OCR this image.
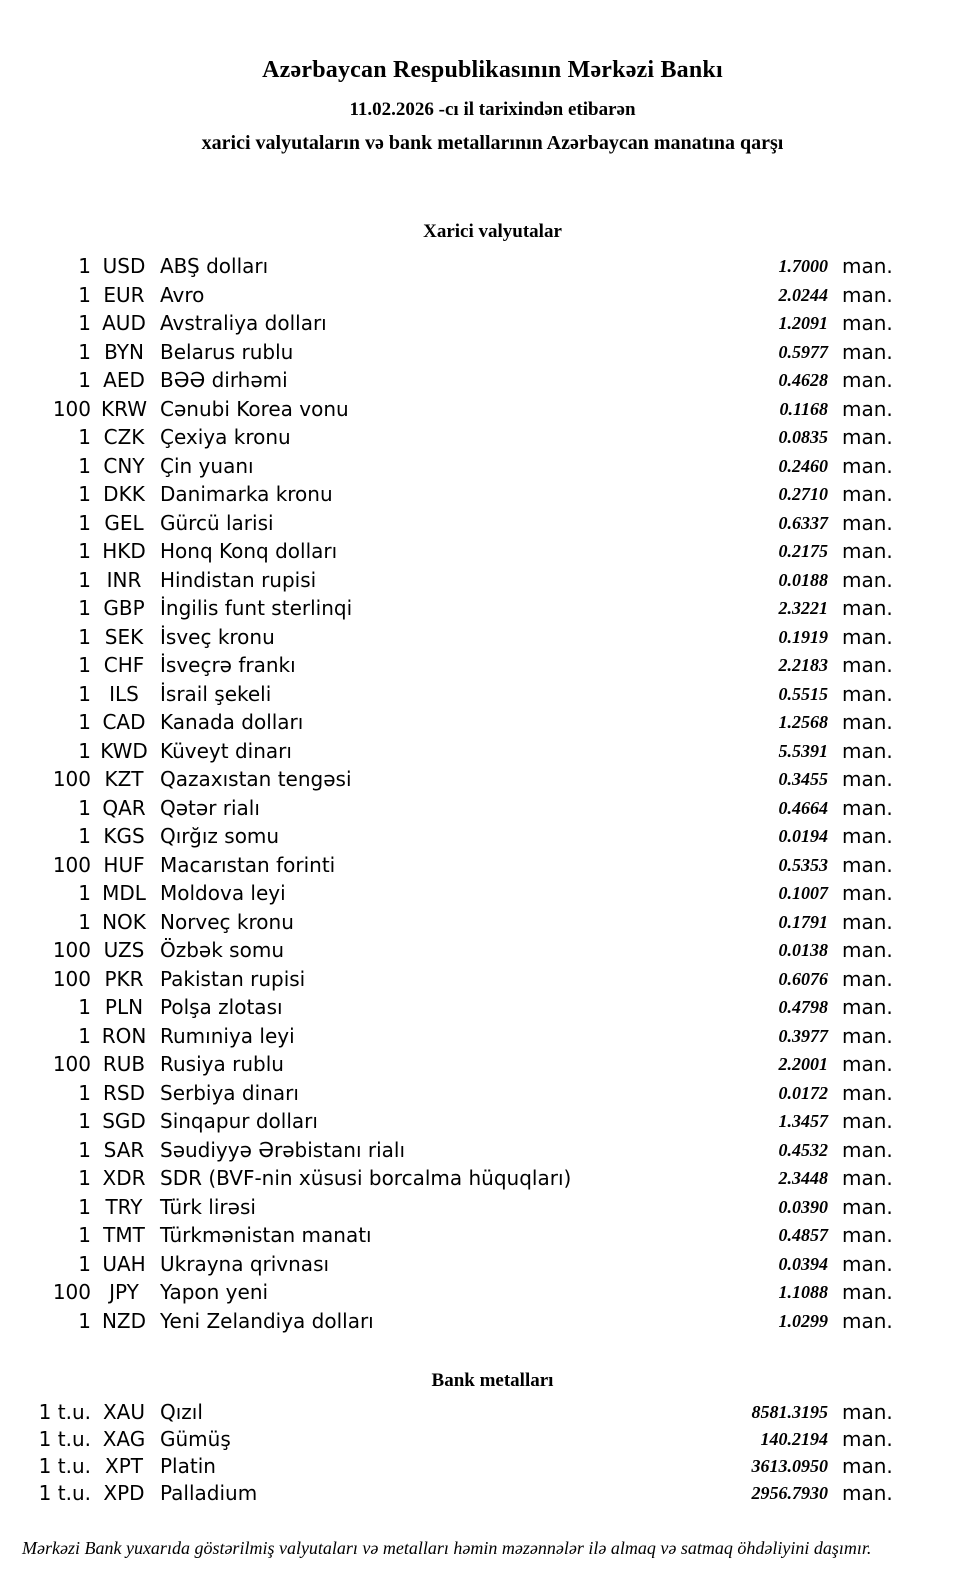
Azərbaycan Respublikasının Mərkəzi Bankı
11.02.2026 -cı il tarixindən etibarən
xarici valyutaların və bank metallarının Azərbaycan manatına qarşı
Xarici valyutalar
1 USD ABŞ dolları	1.7000 man.
1 EUR Avro	2.0244 man.
1 AUD Avstraliya dolları	1.2091 man.
1 BYN Belarus rublu	0.5977 man.
1 AED BƏƏ dirhəmi	0.4628 man.
100 KRW Cənubi Korea vonu	0.1168 man.
1 CZK Çexiya kronu	0.0835 man.
1 CNY Çin yuanı	0.2460 man.
1 DKK Danimarka kronu	0.2710 man.
1 GEL Gürcü larisi	0.6337 man.
1 HKD Honq Konq dolları	0.2175 man.
1 INR Hindistan rupisi	0.0188 man.
1 GBP İngilis funt sterlinqi	2.3221 man.
1 SEK İsveç kronu	0.1919 man.
1 CHF İsveçrə frankı	2.2183 man.
1 ILS	İsrail şekeli	0.5515 man.
1 CAD Kanada dolları	1.2568 man.
1 KWD Küveyt dinarı	5.5391 man.
100 KZT Qazaxıstan tengəsi	0.3455 man.
1 QAR Qətər rialı	0.4664 man.
1 KGS Qırğız somu	0.0194 man.
100 HUF Macarıstan forinti	0.5353 man.
1 MDL Moldova leyi	0.1007 man.
1 NOK Norveç kronu	0.1791 man.
100 UZS Özbək somu	0.0138 man.
100 PKR Pakistan rupisi	0.6076 man.
1 PLN Polşa zlotası	0.4798 man.
1 RON Rumıniya leyi	0.3977 man.
100 RUB Rusiya rublu	2.2001 man.
1 RSD Serbiya dinarı	0.0172 man.
1 SGD Sinqapur dolları	1.3457 man.
1 SAR Səudiyyə Ərəbistanı rialı	0.4532 man.
1 XDR SDR (BVF-nin xüsusi borcalma hüquqları)	2.3448 man.
1 TRY Türk lirəsi	0.0390 man.
1 TMT Türkmənistan manatı	0.4857 man.
1 UAH Ukrayna qrivnası	0.0394 man.
100 JPY	Yapon yeni	1.1088 man.
1 NZD Yeni Zelandiya dolları	1.0299 man.
Bank metalları
1 t.u. XAU Qızıl	8581.3195 man.
1 t.u. XAG Gümüş	140.2194 man.
1 t.u. XPT Platin	3613.0950 man.
1 t.u. XPD Palladium	2956.7930 man.
Mərkəzi Bank yuxarıda göstərilmiş valyutaları və metalları həmin məzənnələr ilə almaq və satmaq öhdəliyini daşımır.
